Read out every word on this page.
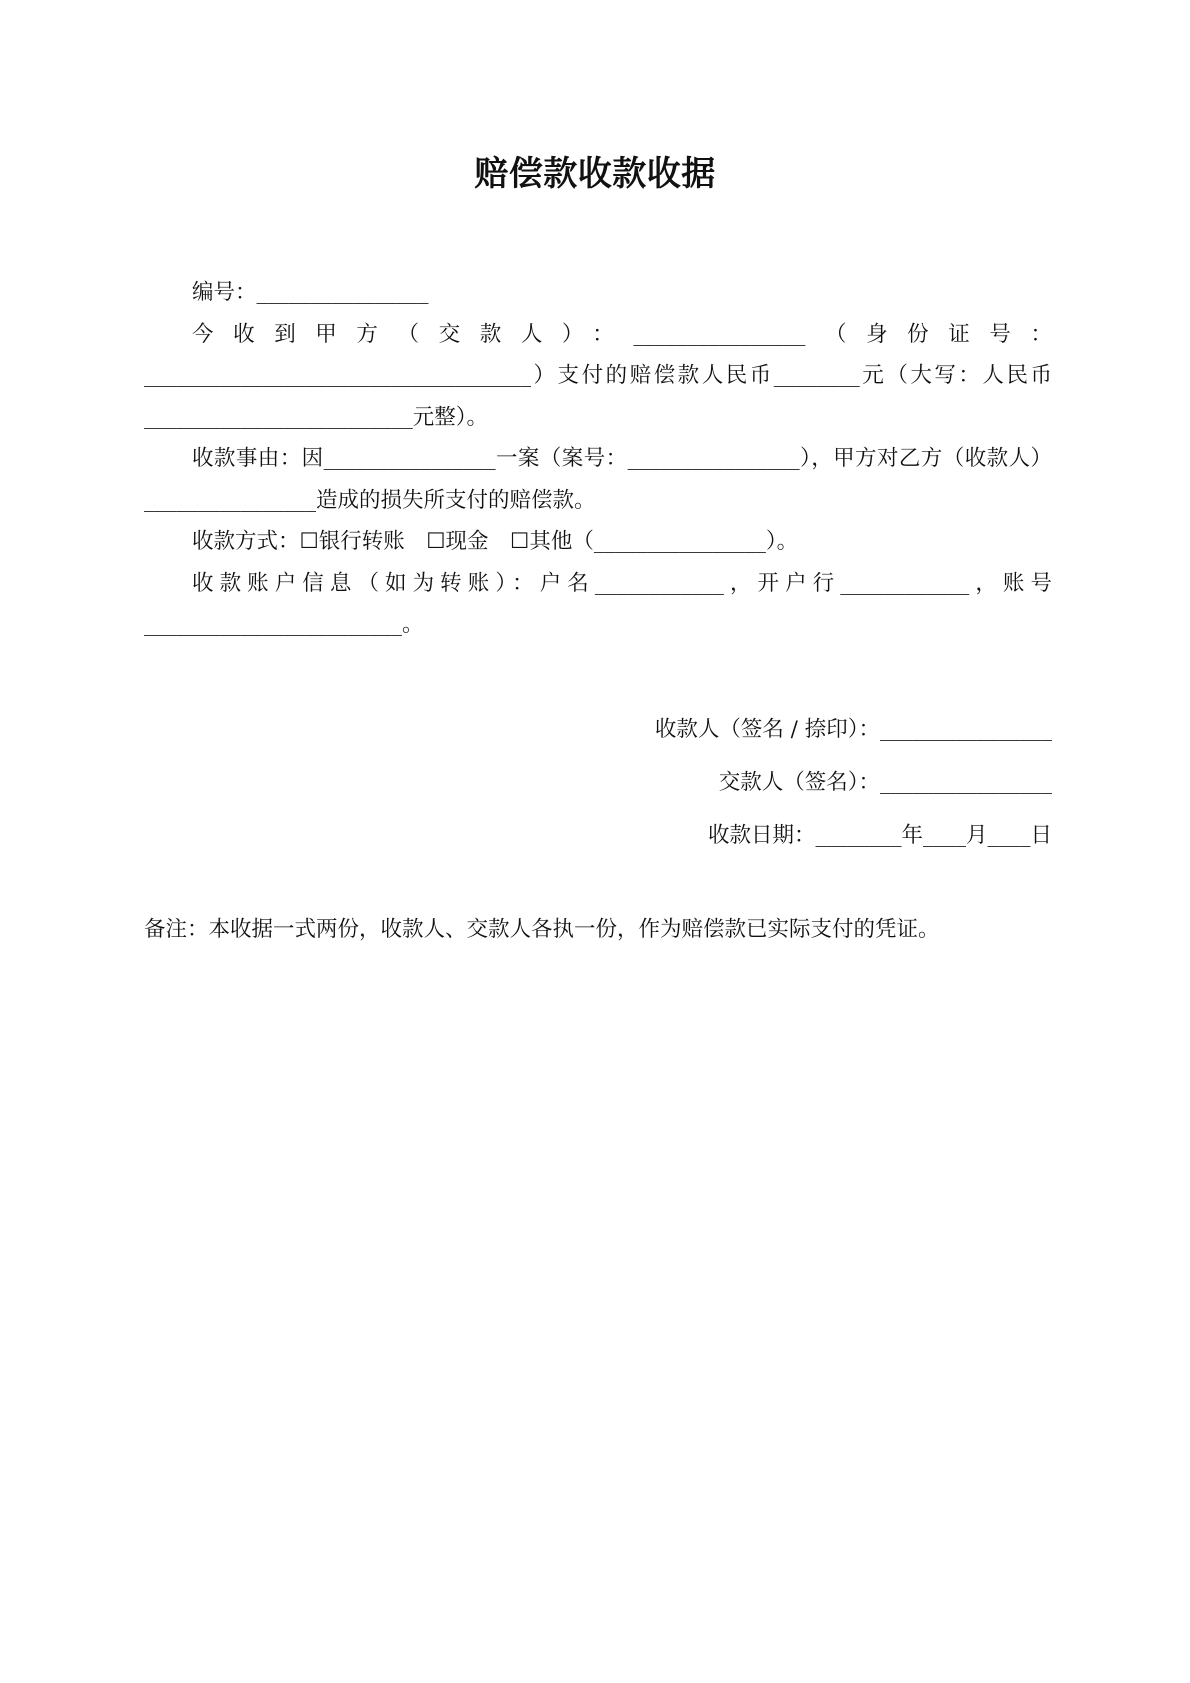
赔偿款收款收据

编号：________________

今收到甲方（交款人）：________________（身份证号：____________________________________）支付的赔偿款人民币________元（大写：人民币_________________________元整）。

收款事由：因________________一案（案号：________________），甲方对乙方（收款人）________________造成的损失所支付的赔偿款。

收款方式：☐银行转账　☐现金　☐其他（________________）。

收款账户信息（如为转账）：户名____________，开户行____________，账号________________________。

收款人（签名 / 捺印）：________________
交款人（签名）：________________
收款日期：________年____月____日
备注：本收据一式两份，收款人、交款人各执一份，作为赔偿款已实际支付的凭证。
